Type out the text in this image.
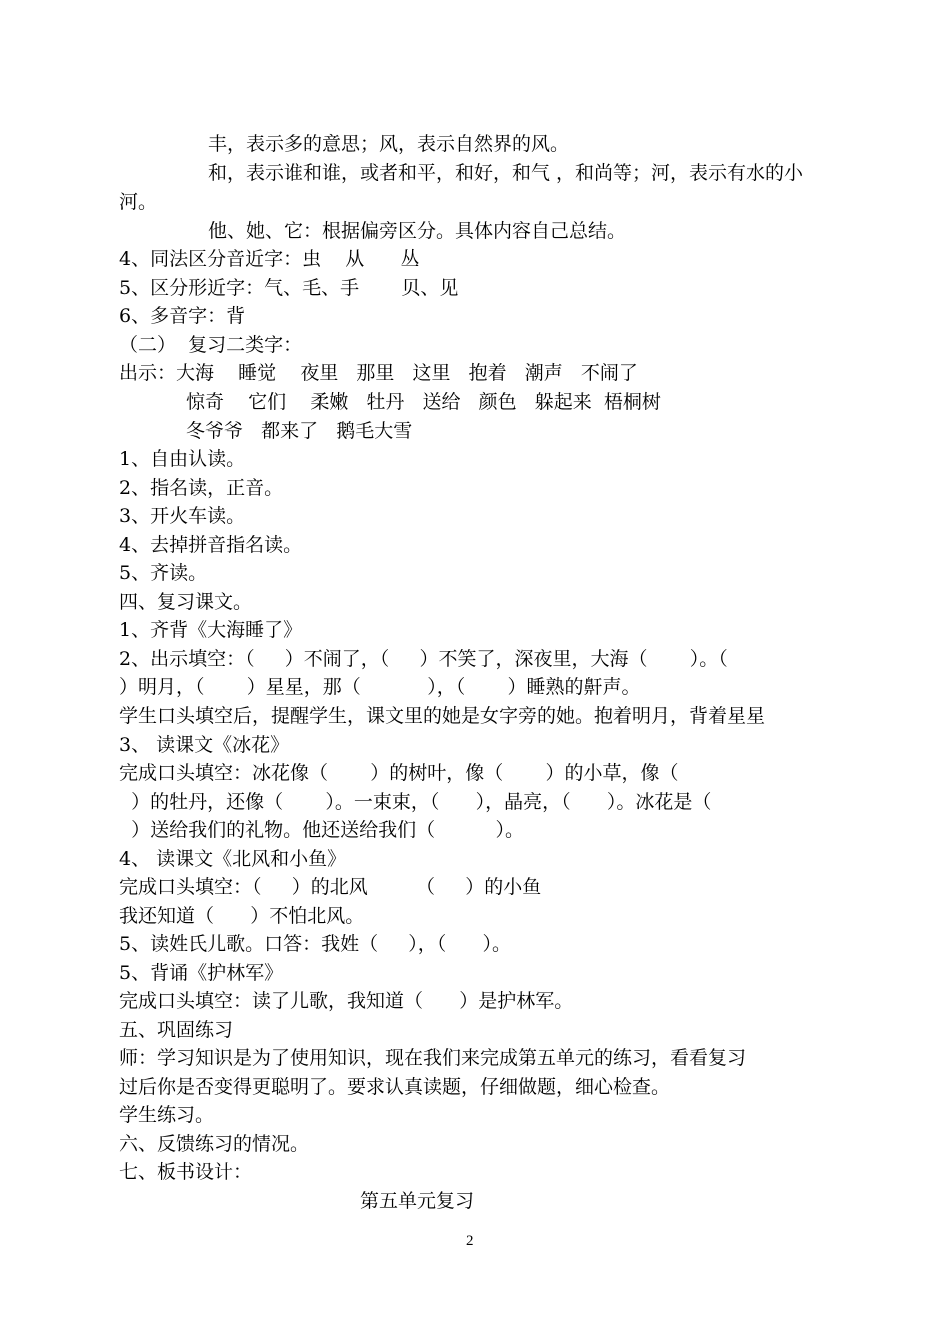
丰，表示多的意思；风，表示自然界的风。
和，表示谁和谁，或者和平，和好，和气 ，和尚等；河，表示有水的小
河。
他、她、它：根据偏旁区分。具体内容自己总结。
4、同法区分音近字：虫    从      丛
5、区分形近字：气、毛、手       贝、见
6、多音字：背
（二）  复习二类字：
出示：大海    睡觉    夜里   那里   这里   抱着   潮声   不闹了
惊奇    它们    柔嫩   牡丹   送给   颜色   躲起来  梧桐树
冬爷爷   都来了   鹅毛大雪
1、自由认读。
2、指名读，正音。
3、开火车读。
4、去掉拼音指名读。
5、齐读。
四、复习课文。
1、齐背《大海睡了》
2、出示填空：（     ）不闹了，（     ）不笑了，深夜里，大海（       ）。（
）明月，（       ）星星，那（           ），（       ）睡熟的鼾声。
学生口头填空后，提醒学生，课文里的她是女字旁的她。抱着明月，背着星星
3、 读课文《冰花》
完成口头填空：冰花像（       ）的树叶，像（       ）的小草，像（
）的牡丹，还像（       ）。一束束，（      ），晶亮，（      ）。冰花是（
）送给我们的礼物。他还送给我们（          ）。
4、 读课文《北风和小鱼》
完成口头填空：（     ）的北风        （     ）的小鱼
我还知道（      ）不怕北风。
5、读姓氏儿歌。口答：我姓（     ），（      ）。
5、背诵《护林军》
完成口头填空：读了儿歌，我知道（      ）是护林军。
五、巩固练习
师：学习知识是为了使用知识，现在我们来完成第五单元的练习，看看复习
过后你是否变得更聪明了。要求认真读题，仔细做题，细心检查。
学生练习。
六、反馈练习的情况。
七、板书设计：
第五单元复习
2
